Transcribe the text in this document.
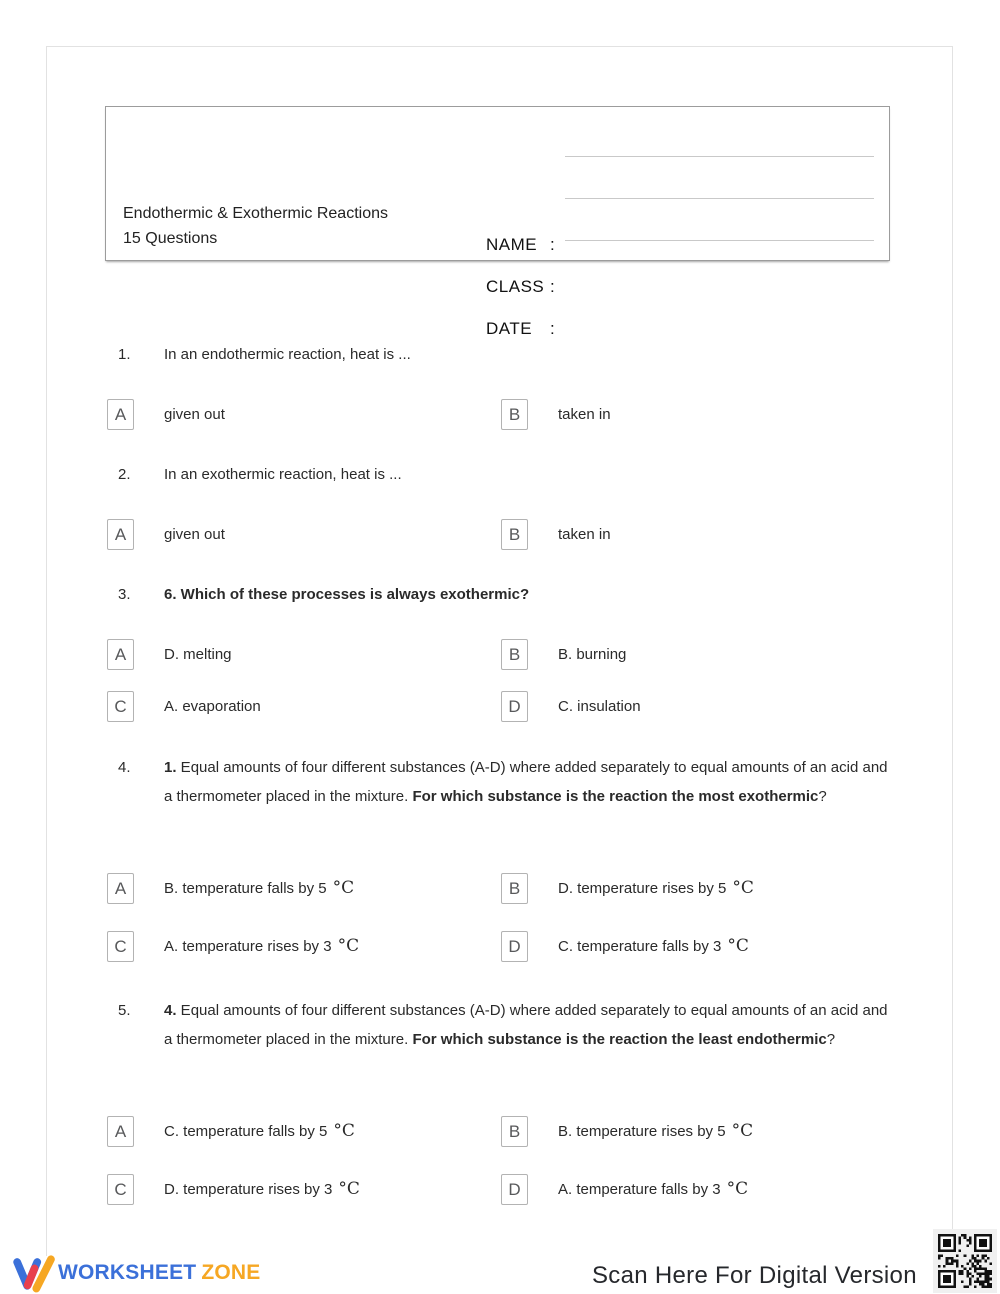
Endothermic & Exothermic Reactions
15 Questions	NAME :
CLASS :
DATE	:
1.	In an endothermic reaction, heat is ...
A	given out	B	taken in
2.	In an exothermic reaction, heat is ...
A	given out	B	taken in
3.	6. Which of these processes is always exothermic?
A	D. melting	B	B. burning
C	A. evaporation	D	C. insulation
4.	1. Equal amounts of four different substances (A-D) where added separately to equal amounts of an acid and a thermometer placed in the mixture. For which substance is the reaction the most exothermic?
A	B. temperature falls by 5 °C	B	D. temperature rises by 5 °C
C	A. temperature rises by 3 °C	D	C. temperature falls by 3 °C
5.	4. Equal amounts of four different substances (A-D) where added separately to equal amounts of an acid and a thermometer placed in the mixture. For which substance is the reaction the least endothermic?
A	C. temperature falls by 5 °C	B	B. temperature rises by 5 °C
C	D. temperature rises by 3 °C	D	A. temperature falls by 3 °C
WORKSHEET ZONE	Scan Here For Digital Version
